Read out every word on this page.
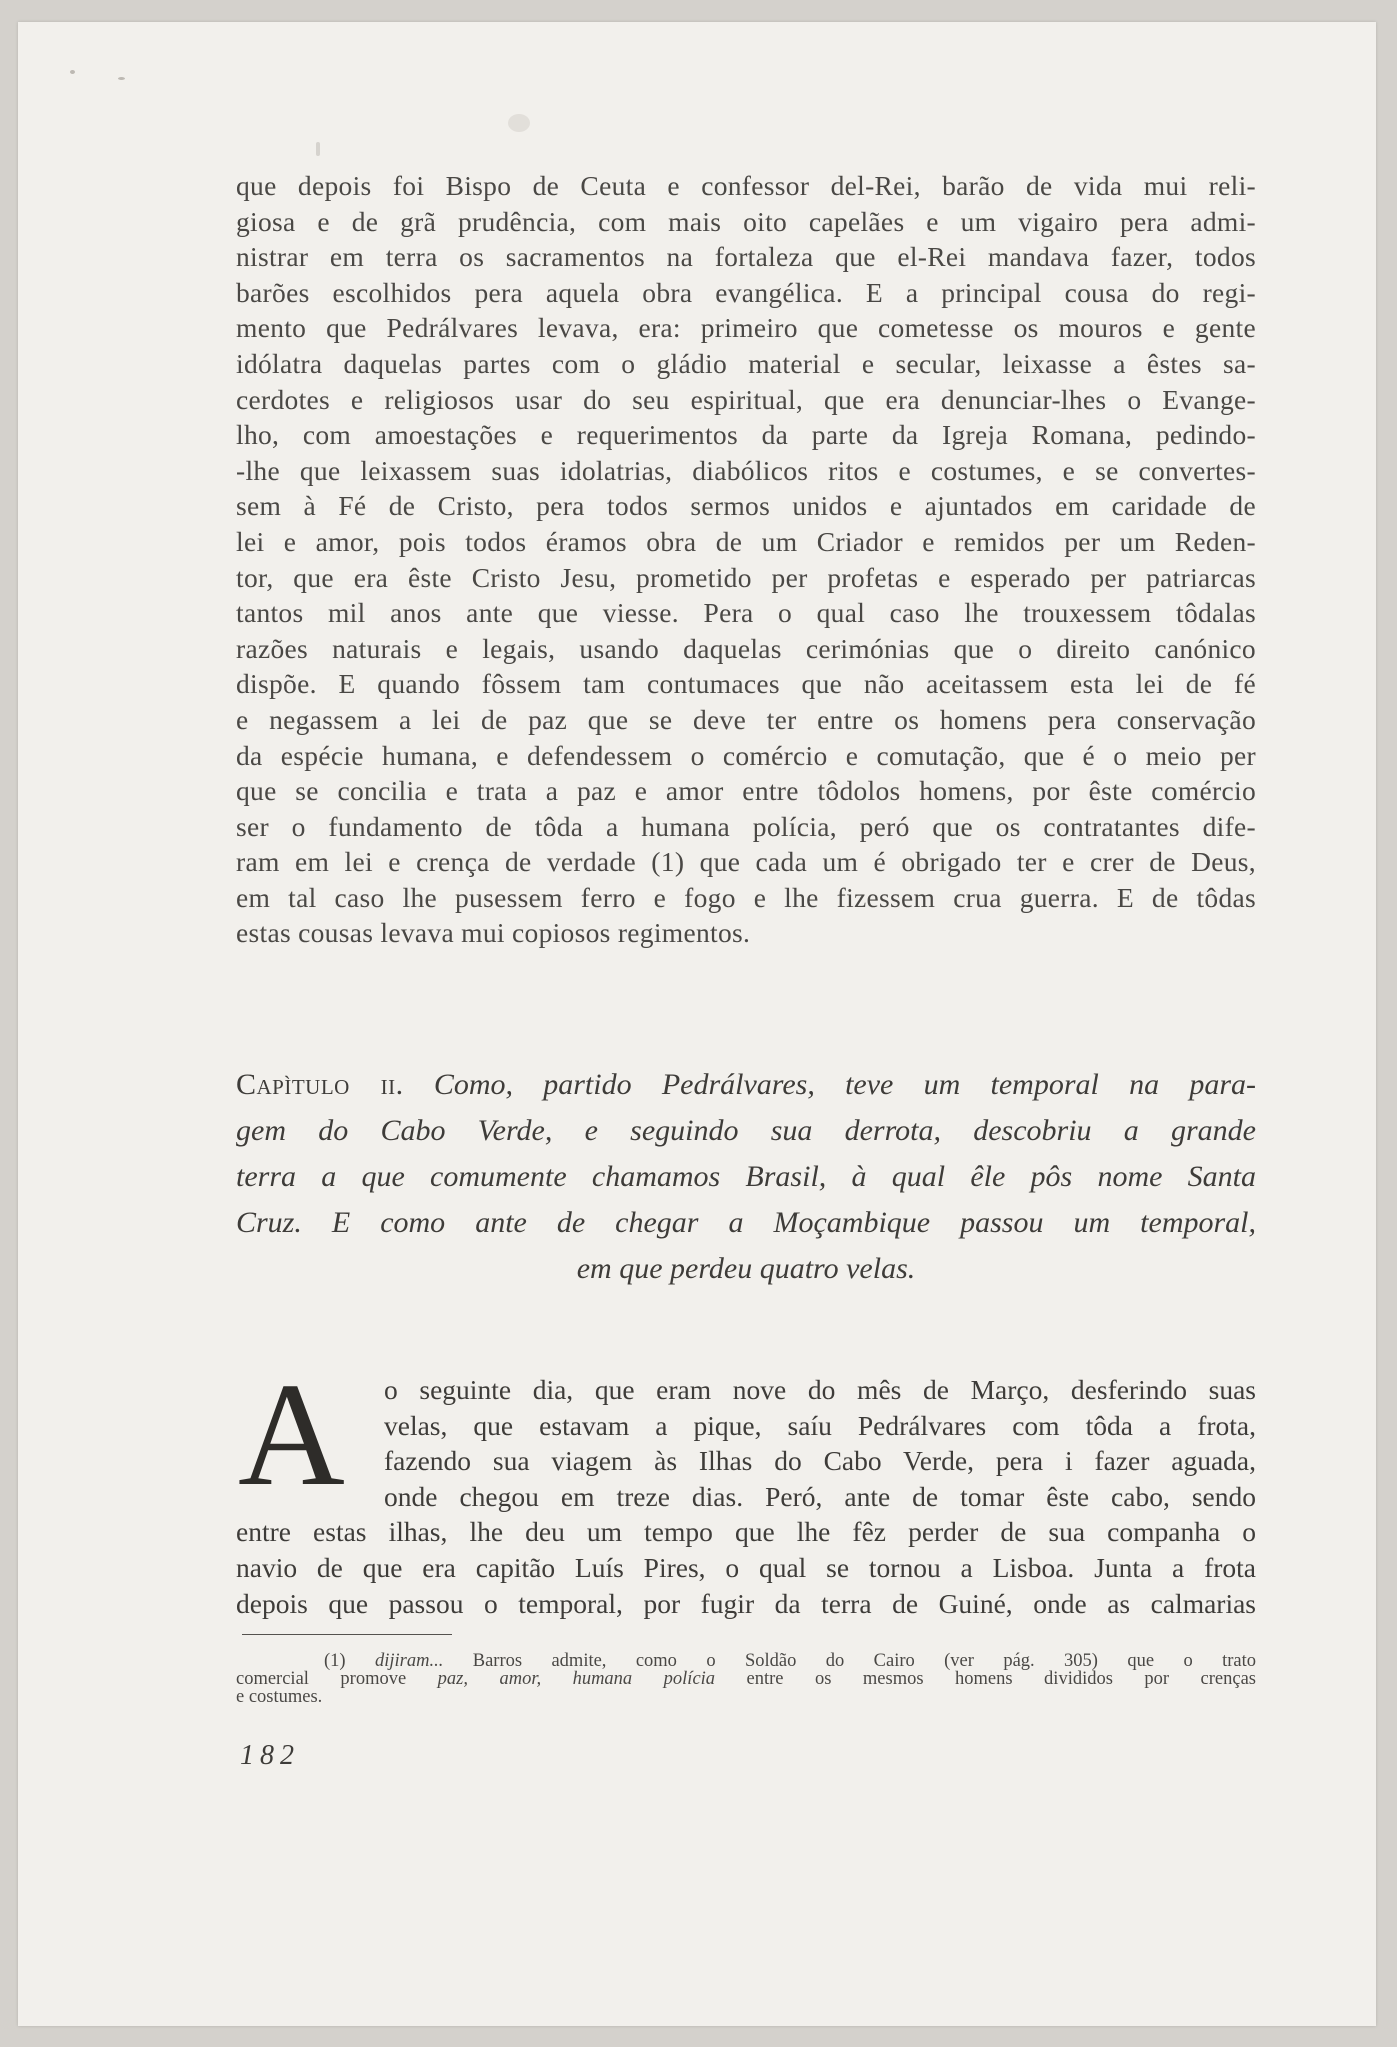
que depois foi Bispo de Ceuta e confessor del-Rei, barão de vida mui reli-
giosa e de grã prudência, com mais oito capelães e um vigairo pera admi-
nistrar em terra os sacramentos na fortaleza que el-Rei mandava fazer, todos
barões escolhidos pera aquela obra evangélica. E a principal cousa do regi-
mento que Pedrálvares levava, era: primeiro que cometesse os mouros e gente
idólatra daquelas partes com o gládio material e secular, leixasse a êstes sa-
cerdotes e religiosos usar do seu espiritual, que era denunciar-lhes o Evange-
lho, com amoestações e requerimentos da parte da Igreja Romana, pedindo-
-lhe que leixassem suas idolatrias, diabólicos ritos e costumes, e se convertes-
sem à Fé de Cristo, pera todos sermos unidos e ajuntados em caridade de
lei e amor, pois todos éramos obra de um Criador e remidos per um Reden-
tor, que era êste Cristo Jesu, prometido per profetas e esperado per patriarcas
tantos mil anos ante que viesse. Pera o qual caso lhe trouxessem tôdalas
razões naturais e legais, usando daquelas cerimónias que o direito canónico
dispõe. E quando fôssem tam contumaces que não aceitassem esta lei de fé
e negassem a lei de paz que se deve ter entre os homens pera conservação
da espécie humana, e defendessem o comércio e comutação, que é o meio per
que se concilia e trata a paz e amor entre tôdolos homens, por êste comércio
ser o fundamento de tôda a humana polícia, peró que os contratantes dife-
ram em lei e crença de verdade (1) que cada um é obrigado ter e crer de Deus,
em tal caso lhe pusessem ferro e fogo e lhe fizessem crua guerra. E de tôdas
estas cousas levava mui copiosos regimentos.
Capìtulo ii. Como, partido Pedrálvares, teve um temporal na para-
gem do Cabo Verde, e seguindo sua derrota, descobriu a grande
terra a que comumente chamamos Brasil, à qual êle pôs nome Santa
Cruz. E como ante de chegar a Moçambique passou um temporal,
em que perdeu quatro velas.
A	o seguinte dia, que eram nove do mês de Março, desferindo suas
velas, que estavam a pique, saíu Pedrálvares com tôda a frota,
fazendo sua viagem às Ilhas do Cabo Verde, pera i fazer aguada,
onde chegou em treze dias. Peró, ante de tomar êste cabo, sendo
entre estas ilhas, lhe deu um tempo que lhe fêz perder de sua companha o
navio de que era capitão Luís Pires, o qual se tornou a Lisboa. Junta a frota
depois que passou o temporal, por fugir da terra de Guiné, onde as calmarias
(1) dijiram... Barros admite, como o Soldão do Cairo (ver pág. 305) que o trato
comercial promove paz, amor, humana polícia entre os mesmos homens divididos por crenças
e costumes.
182
